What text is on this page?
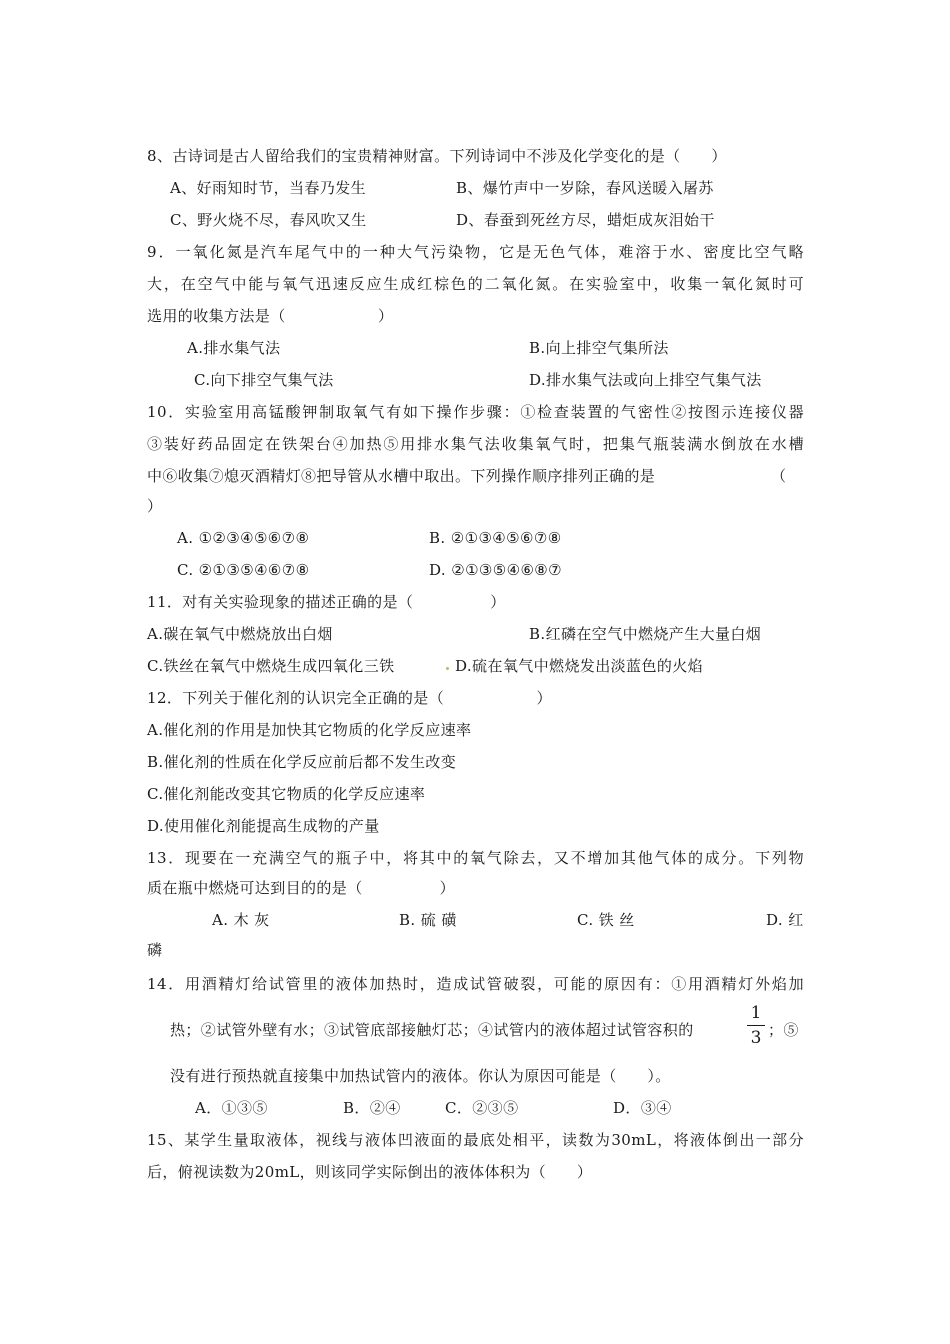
8、古诗词是古人留给我们的宝贵精神财富。下列诗词中不涉及化学变化的是（　　）
A、好雨知时节，当春乃发生	B、爆竹声中一岁除，春风送暖入屠苏
C、野火烧不尽，春风吹又生	D、春蚕到死丝方尽，蜡炬成灰泪始干
9．一氧化氮是汽车尾气中的一种大气污染物，它是无色气体，难溶于水、密度比空气略
大，在空气中能与氧气迅速反应生成红棕色的二氧化氮。在实验室中，收集一氧化氮时可
选用的收集方法是（　　　　　　）
A.排水集气法	B.向上排空气集所法
C.向下排空气集气法	D.排水集气法或向上排空气集气法
10．实验室用高锰酸钾制取氧气有如下操作步骤：①检查装置的气密性②按图示连接仪器
③装好药品固定在铁架台④加热⑤用排水集气法收集氧气时，把集气瓶装满水倒放在水槽
中⑥收集⑦熄灭酒精灯⑧把导管从水槽中取出。下列操作顺序排列正确的是	（
）
A. ①②③④⑤⑥⑦⑧	B. ②①③④⑤⑥⑦⑧
C. ②①③⑤④⑥⑦⑧	D. ②①③⑤④⑥⑧⑦
11．对有关实验现象的描述正确的是（　　　　　）
A.碳在氧气中燃烧放出白烟	B.红磷在空气中燃烧产生大量白烟
C.铁丝在氧气中燃烧生成四氧化三铁	D.硫在氧气中燃烧发出淡蓝色的火焰
12．下列关于催化剂的认识完全正确的是（　　　　　　）
A.催化剂的作用是加快其它物质的化学反应速率
B.催化剂的性质在化学反应前后都不发生改变
C.催化剂能改变其它物质的化学反应速率
D.使用催化剂能提高生成物的产量
13．现要在一充满空气的瓶子中，将其中的氧气除去，又不增加其他气体的成分。下列物
质在瓶中燃烧可达到目的的是（　　　　　）
A. 木 灰	B. 硫 磺	C. 铁 丝	D. 红
磷
14．用酒精灯给试管里的液体加热时，造成试管破裂，可能的原因有：①用酒精灯外焰加
热；②试管外壁有水；③试管底部接触灯芯；④试管内的液体超过试管容积的
1
3 ；⑤
没有进行预热就直接集中加热试管内的液体。你认为原因可能是（　　）。
A．①③⑤	B．②④	C．②③⑤	D．③④
15、某学生量取液体，视线与液体凹液面的最底处相平，读数为30mL，将液体倒出一部分
后，俯视读数为20mL，则该同学实际倒出的液体体积为（　　）
